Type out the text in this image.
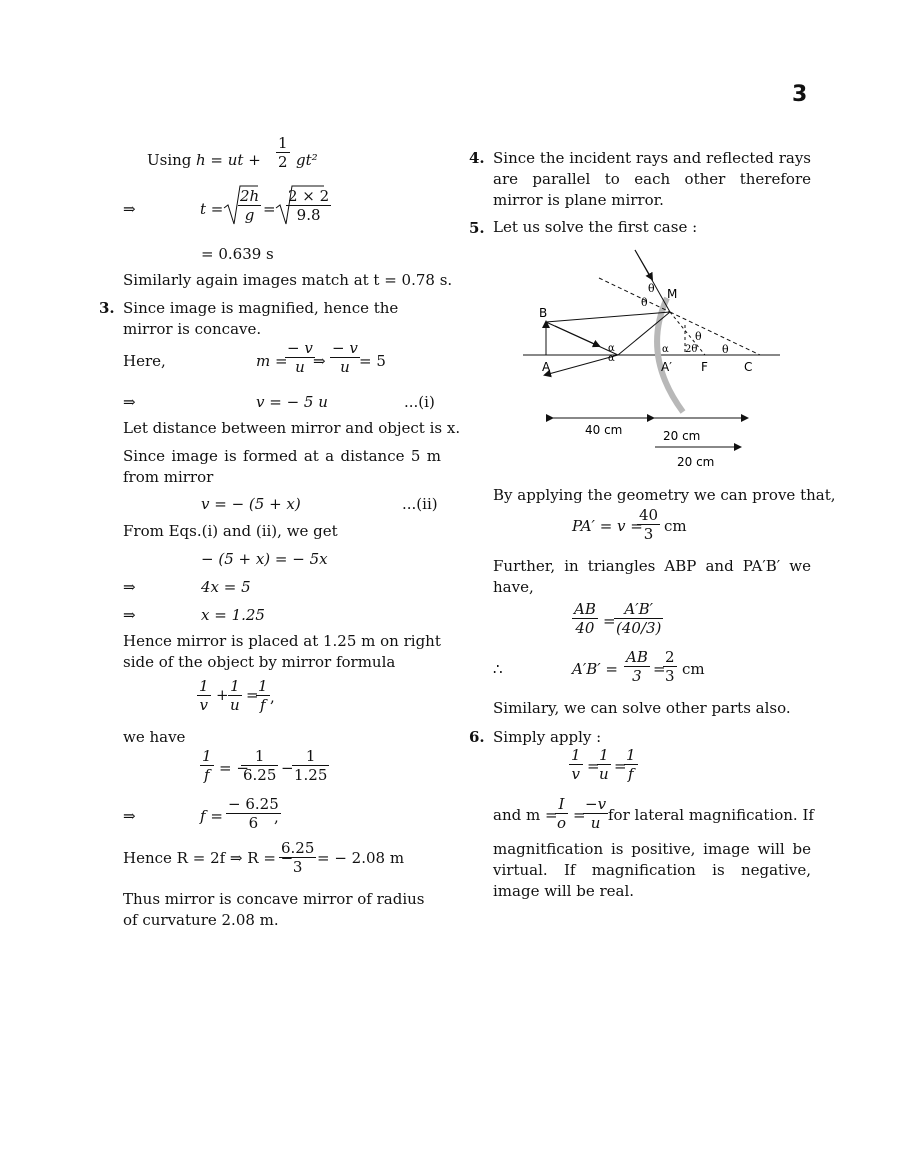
3
Using h = ut + $\frac{1}{2} gt^2$
⇒	$t = \frac{2h}{g} = \frac{2 \times 2}{9.8}$
= 0.639 s
Similarly again images match at t = 0.78 s.
3. Since image is magnified, hence the mirror is concave.
Here,	m =
$\frac{- v}{u}$
⇒ $\frac{- v}{u} = 5$
⇒	v = − 5 u	...(i)
Let distance between mirror and object is x.
Since image is formed at a distance 5 m from mirror
v = − (5 + x)	...(ii)
From Eqs.(i) and (ii), we get
− (5 + x) = − 5x
⇒	4x = 5
⇒	x = 1.25
Hence mirror is placed at 1.25 m on right side of the object by mirror formula
$\frac{1}{v} + \frac{1}{u}$ =
$\frac{1}{f}$ ,
we have
$\frac{1}{f}$ = −
$\frac{1}{6.25}$ −
$\frac{1}{1.25}$
⇒	$f = \frac{- 6.25}{6}$
,
Hence R = 2f ⇒ R = −
$\frac{6.25}{3}$ = − 2.08 m
Thus mirror is concave mirror of radius of curvature 2.08 m.
4. Since the incident rays and reflected rays are parallel to each other therefore mirror is plane mirror.
5. Let us solve the first case :
θ
θ
θ
θ
α
α
α 2θ
M
B
A	A′ F	C
40 cm	20 cm
20 cm
By applying the geometry we can prove that,
PA′ = v =
$\frac{40}{3}$ cm
Further, in triangles ABP and PA′B′ we have,
$\frac{AB}{40}$ =
$\frac{A'B'}{(40/3)}$
∴	$A'B' = \frac{AB}{3}$ =
$\frac{2}{3}$ cm
Similary, we can solve other parts also.
6. Simply apply :
$\frac{1}{v}$ =
$\frac{1}{u}$ =
$\frac{1}{f}$
and m =
$\frac{I}{o}$ =
$\frac{-v}{u}$ for lateral magnification. If
magnitfication is positive, image will be virtual. If magnification is negative, image will be real.
